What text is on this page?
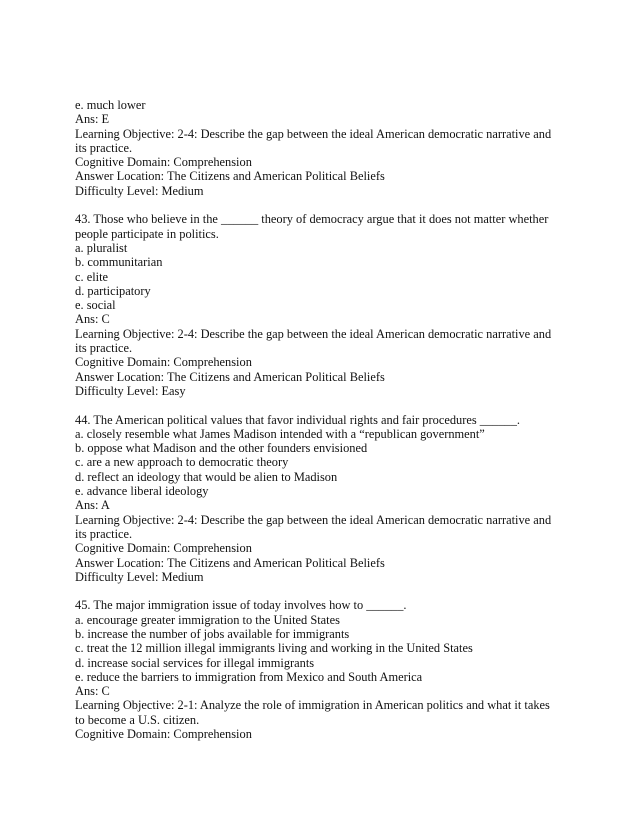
e. much lower
Ans: E
Learning Objective: 2-4: Describe the gap between the ideal American democratic narrative and
its practice.
Cognitive Domain: Comprehension
Answer Location: The Citizens and American Political Beliefs
Difficulty Level: Medium
43. Those who believe in the ______ theory of democracy argue that it does not matter whether
people participate in politics.
a. pluralist
b. communitarian
c. elite
d. participatory
e. social
Ans: C
Learning Objective: 2-4: Describe the gap between the ideal American democratic narrative and
its practice.
Cognitive Domain: Comprehension
Answer Location: The Citizens and American Political Beliefs
Difficulty Level: Easy
44. The American political values that favor individual rights and fair procedures ______.
a. closely resemble what James Madison intended with a “republican government”
b. oppose what Madison and the other founders envisioned
c. are a new approach to democratic theory
d. reflect an ideology that would be alien to Madison
e. advance liberal ideology
Ans: A
Learning Objective: 2-4: Describe the gap between the ideal American democratic narrative and
its practice.
Cognitive Domain: Comprehension
Answer Location: The Citizens and American Political Beliefs
Difficulty Level: Medium
45. The major immigration issue of today involves how to ______.
a. encourage greater immigration to the United States
b. increase the number of jobs available for immigrants
c. treat the 12 million illegal immigrants living and working in the United States
d. increase social services for illegal immigrants
e. reduce the barriers to immigration from Mexico and South America
Ans: C
Learning Objective: 2-1: Analyze the role of immigration in American politics and what it takes
to become a U.S. citizen.
Cognitive Domain: Comprehension
